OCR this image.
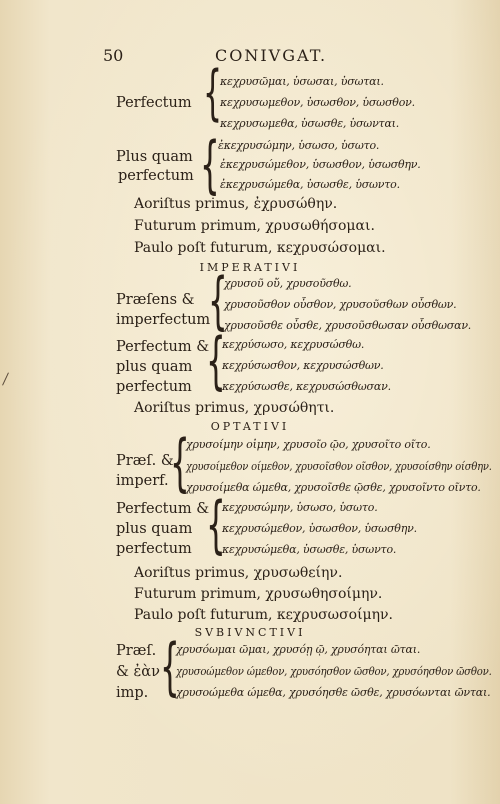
50	CONIVGAT.
Perfectum {
κεχρυσῶμαι, ὑσωσαι, ὑσωται.
κεχρυσωμεθον, ὑσωσθον, ὑσωσθον.
κεχρυσωμεθα, ὑσωσθε, ὑσωνται.
Plus quam
perfectum {
ἐκεχρυσώμην, ὑσωσο, ὑσωτο.
ἐκεχρυσώμεθον, ὑσωσθον, ὑσωσθην.
ἐκεχρυσώμεθα, ὑσωσθε, ὑσωντο.
Aoriſtus primus, ἐχρυσώθην.
Futurum primum, χρυσωθήσομαι.
Paulo poſt futurum, κεχρυσώσομαι.
IMPERATIVI
Præſens &
imperfectum
{
χρυσοῦ οὔ, χρυσοῦσθω.
χρυσοῦσθον οὖσθον, χρυσοῦσθων οὖσθων.
χρυσοῦσθε οὖσθε, χρυσοῦσθωσαν οὖσθωσαν.
Perfectum &
plus quam
perfectum {
κεχρύσωσο, κεχρυσώσθω.
κεχρύσωσθον, κεχρυσώσθων.
κεχρύσωσθε, κεχρυσώσθωσαν.
Aoriſtus primus, χρυσώθητι.
OPTATIVI
Præſ. &
imperf. {
χρυσοίμην οἰμην, χρυσοῖο ῷο, χρυσοῖτο οῖτο.
χρυσοίμεθον οίμεθον, χρυσοῖσθον οῖσθον, χρυσοίσθην οίσθην.
χρυσοίμεθα ώμεθα, χρυσοῖσθε ῷσθε, χρυσοῖντο οῖντο.
Perfectum &
plus quam
perfectum {
κεχρυσώμην, ὑσωσο, ὑσωτο.
κεχρυσώμεθον, ὑσωσθον, ὑσωσθην.
κεχρυσώμεθα, ὑσωσθε, ὑσωντο.
Aoriſtus primus, χρυσωθείην.
Futurum primum, χρυσωθησοίμην.
Paulo poſt futurum, κεχρυσωσοίμην.
SVBIVNCTIVI
Præſ.
& ἐὰν
imp. {
χρυσόωμαι ῶμαι, χρυσόῃ ῷ, χρυσόηται ῶται.
χρυσοώμεθον ώμεθον, χρυσόησθον ῶσθον, χρυσόησθον ῶσθον.
χρυσοώμεθα ώμεθα, χρυσόησθε ῶσθε, χρυσόωνται ῶνται.
